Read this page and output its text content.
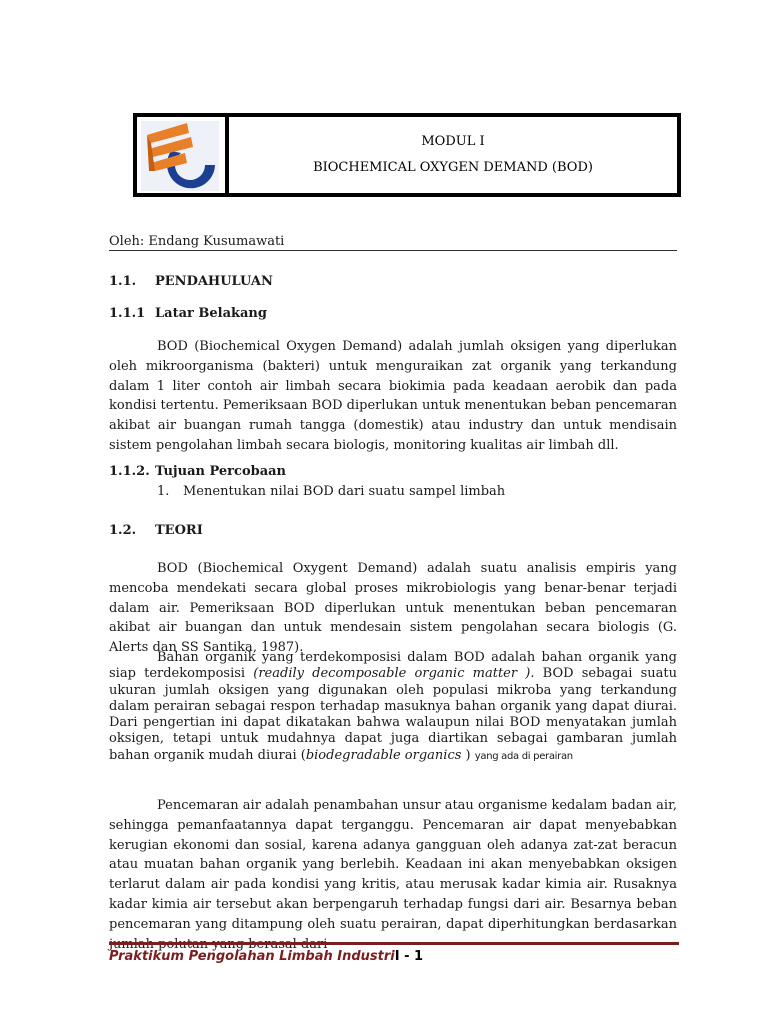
MODUL I
BIOCHEMICAL OXYGEN DEMAND (BOD)
Oleh: Endang Kusumawati
1.1. PENDAHULUAN
1.1.1 Latar Belakang

BOD (Biochemical Oxygen Demand) adalah jumlah oksigen yang diperlukan oleh mikroorganisma (bakteri) untuk menguraikan zat organik yang terkandung dalam 1 liter contoh air limbah secara biokimia pada keadaan aerobik dan pada kondisi tertentu. Pemeriksaan BOD diperlukan untuk menentukan beban pencemaran akibat air buangan rumah tangga (domestik) atau industry dan untuk mendisain sistem pengolahan limbah secara biologis, monitoring kualitas air limbah dll.

1.1.2. Tujuan Percobaan
1. Menentukan nilai BOD dari suatu sampel limbah
1.2. TEORI

BOD (Biochemical Oxygent Demand) adalah suatu analisis empiris yang mencoba mendekati secara global proses mikrobiologis yang benar-benar terjadi dalam air. Pemeriksaan BOD diperlukan untuk menentukan beban pencemaran akibat air buangan dan untuk mendesain sistem pengolahan secara biologis (G. Alerts dan SS Santika, 1987).

Bahan organik yang terdekomposisi dalam BOD adalah bahan organik yang siap terdekomposisi (readily decomposable organic matter ). BOD sebagai suatu ukuran jumlah oksigen yang digunakan oleh populasi mikroba yang terkandung dalam perairan sebagai respon terhadap masuknya bahan organik yang dapat diurai. Dari pengertian ini dapat dikatakan bahwa walaupun nilai BOD menyatakan jumlah oksigen, tetapi untuk mudahnya dapat juga diartikan sebagai gambaran jumlah bahan organik mudah diurai (biodegradable organics ) yang ada di perairan

Pencemaran air adalah penambahan unsur atau organisme kedalam badan air, sehingga pemanfaatannya dapat terganggu. Pencemaran air dapat menyebabkan kerugian ekonomi dan sosial, karena adanya gangguan oleh adanya zat-zat beracun atau muatan bahan organik yang berlebih. Keadaan ini akan menyebabkan oksigen terlarut dalam air pada kondisi yang kritis, atau merusak kadar kimia air. Rusaknya kadar kimia air tersebut akan berpengaruh terhadap fungsi dari air. Besarnya beban pencemaran yang ditampung oleh suatu perairan, dapat diperhitungkan berdasarkan

Praktikum Pengolahan Limbah IndustriI - 1
